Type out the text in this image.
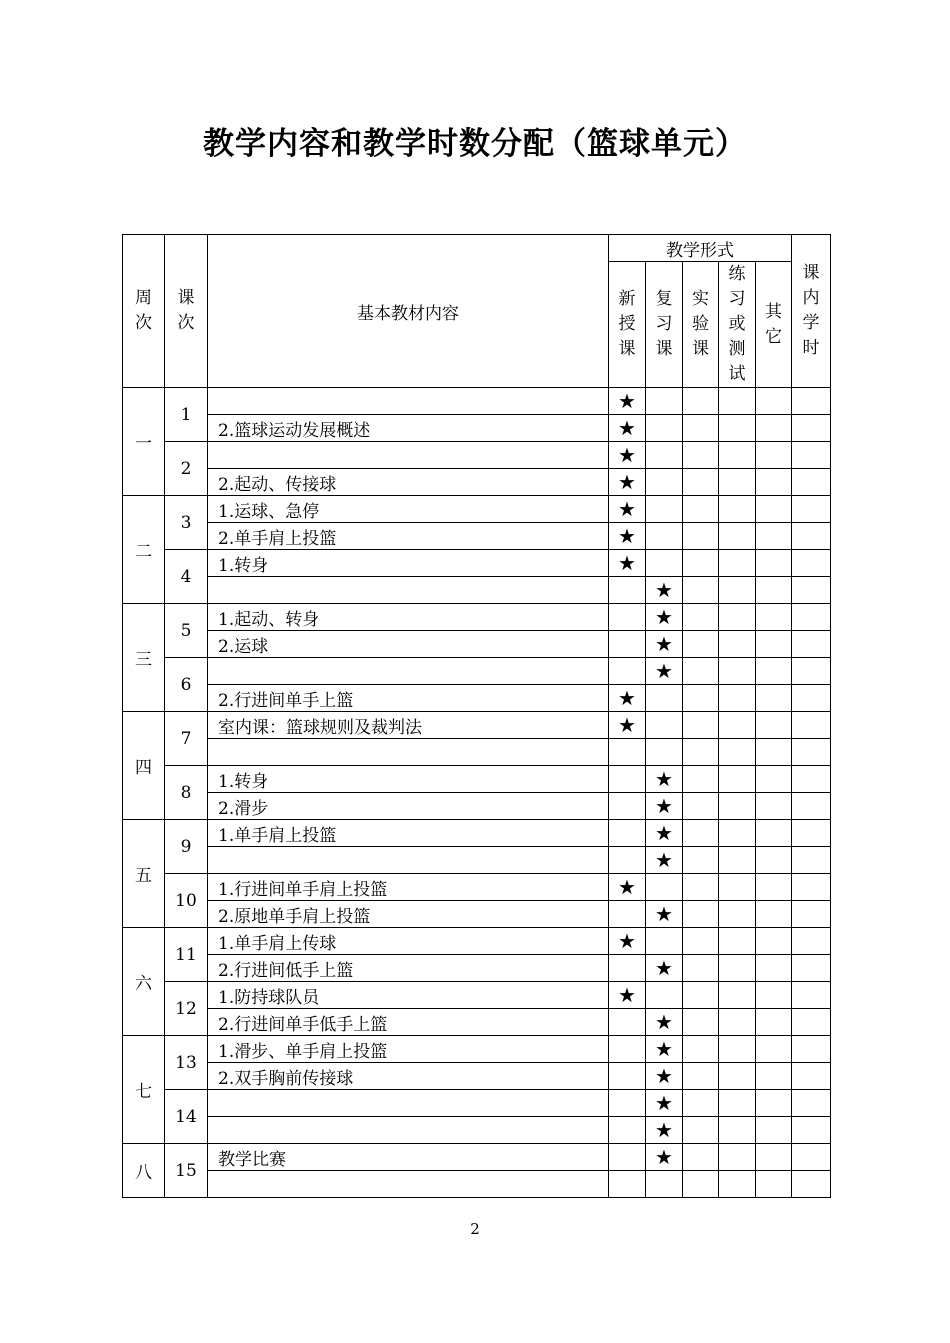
教学内容和教学时数分配（篮球单元）
周次	课次	基本教材内容	教学形式					课内学时
			新授课	复习课	实验课	练习或测试	其它	
一	1		★					
		2.篮球运动发展概述	★					
	2		★					
		2.起动、传接球	★					
二	3	1.运球、急停	★					
		2.单手肩上投篮	★					
	4	1.转身	★					
				★				
三	5	1.起动、转身		★				
		2.运球		★				
	6			★				
		2.行进间单手上篮	★					
四	7	室内课：篮球规则及裁判法	★					

	8	1.转身		★				
		2.滑步		★				
五	9	1.单手肩上投篮		★				
				★				
	10	1.行进间单手肩上投篮	★					
		2.原地单手肩上投篮		★				
六	11	1.单手肩上传球	★					
		2.行进间低手上篮		★				
	12	1.防持球队员	★					
		2.行进间单手低手上篮		★				
七	13	1.滑步、单手肩上投篮		★				
		2.双手胸前传接球		★				
	14			★				
				★				
八	15	教学比赛		★				

2
